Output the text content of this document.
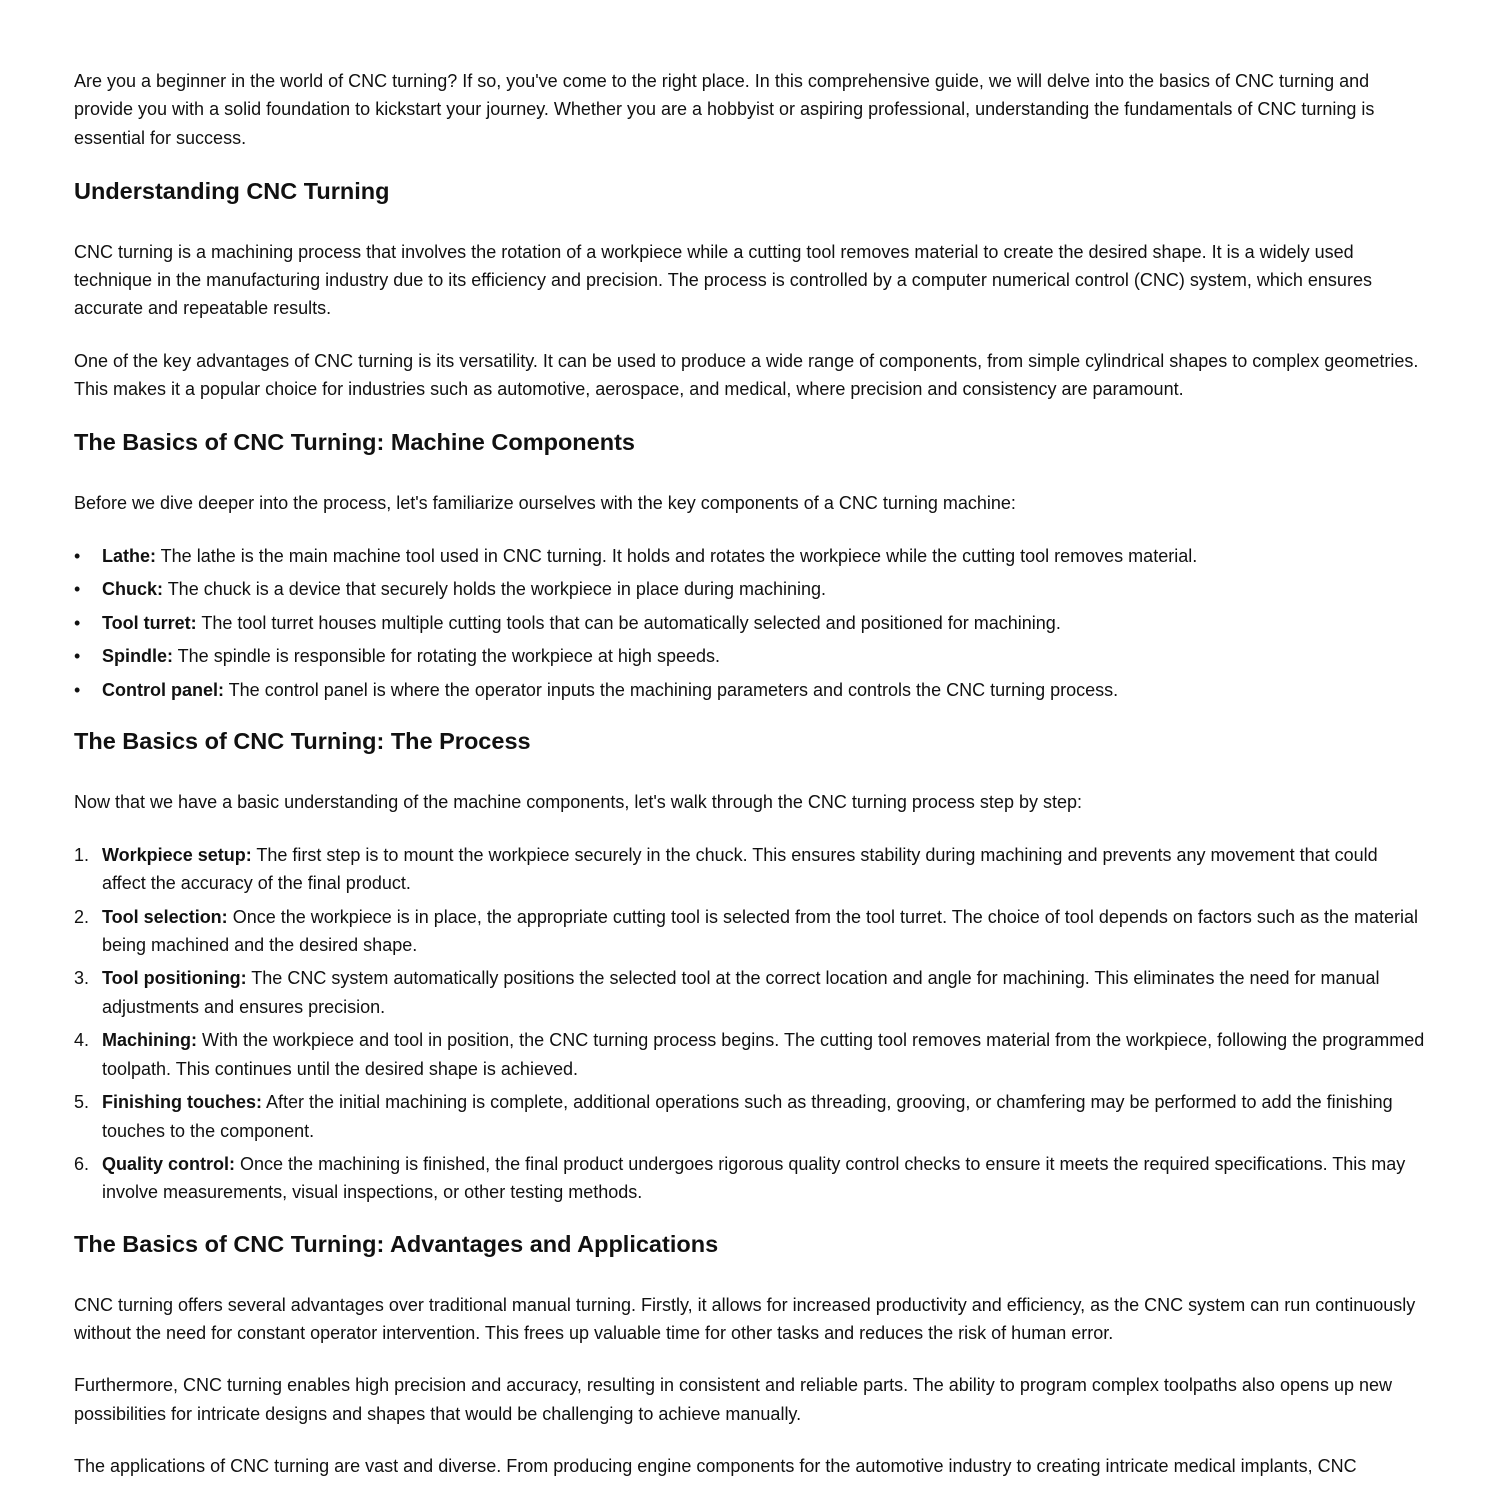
Are you a beginner in the world of CNC turning? If so, you've come to the right place. In this comprehensive guide, we will delve into the basics of CNC turning and provide you with a solid foundation to kickstart your journey. Whether you are a hobbyist or aspiring professional, understanding the fundamentals of CNC turning is essential for success.

Understanding CNC Turning

CNC turning is a machining process that involves the rotation of a workpiece while a cutting tool removes material to create the desired shape. It is a widely used technique in the manufacturing industry due to its efficiency and precision. The process is controlled by a computer numerical control (CNC) system, which ensures accurate and repeatable results.

One of the key advantages of CNC turning is its versatility. It can be used to produce a wide range of components, from simple cylindrical shapes to complex geometries. This makes it a popular choice for industries such as automotive, aerospace, and medical, where precision and consistency are paramount.

The Basics of CNC Turning: Machine Components

Before we dive deeper into the process, let's familiarize ourselves with the key components of a CNC turning machine:

• Lathe: The lathe is the main machine tool used in CNC turning. It holds and rotates the workpiece while the cutting tool removes material.
• Chuck: The chuck is a device that securely holds the workpiece in place during machining.
• Tool turret: The tool turret houses multiple cutting tools that can be automatically selected and positioned for machining.
• Spindle: The spindle is responsible for rotating the workpiece at high speeds.
• Control panel: The control panel is where the operator inputs the machining parameters and controls the CNC turning process.
The Basics of CNC Turning: The Process

Now that we have a basic understanding of the machine components, let's walk through the CNC turning process step by step:

1. Workpiece setup: The first step is to mount the workpiece securely in the chuck. This ensures stability during machining and prevents any movement that could affect the accuracy of the final product.
2. Tool selection: Once the workpiece is in place, the appropriate cutting tool is selected from the tool turret. The choice of tool depends on factors such as the material being machined and the desired shape.
3. Tool positioning: The CNC system automatically positions the selected tool at the correct location and angle for machining. This eliminates the need for manual adjustments and ensures precision.
4. Machining: With the workpiece and tool in position, the CNC turning process begins. The cutting tool removes material from the workpiece, following the programmed toolpath. This continues until the desired shape is achieved.
5. Finishing touches: After the initial machining is complete, additional operations such as threading, grooving, or chamfering may be performed to add the finishing touches to the component.
6. Quality control: Once the machining is finished, the final product undergoes rigorous quality control checks to ensure it meets the required specifications. This may involve measurements, visual inspections, or other testing methods.
The Basics of CNC Turning: Advantages and Applications

CNC turning offers several advantages over traditional manual turning. Firstly, it allows for increased productivity and efficiency, as the CNC system can run continuously without the need for constant operator intervention. This frees up valuable time for other tasks and reduces the risk of human error.

Furthermore, CNC turning enables high precision and accuracy, resulting in consistent and reliable parts. The ability to program complex toolpaths also opens up new possibilities for intricate designs and shapes that would be challenging to achieve manually.

The applications of CNC turning are vast and diverse. From producing engine components for the automotive industry to creating intricate medical implants, CNC
